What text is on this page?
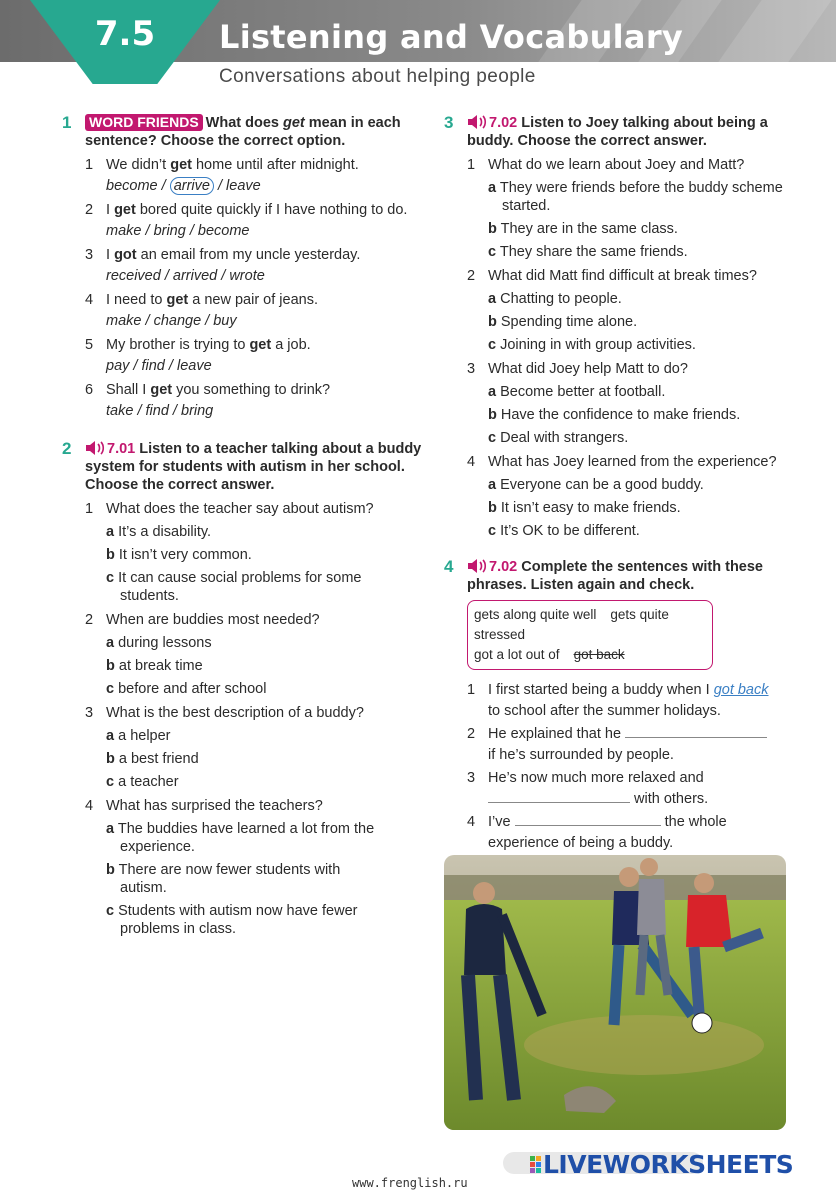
7.5	Listening and Vocabulary
Conversations about helping people
1 WORD FRIENDS What does get mean in each sentence? Choose the correct option.
1 We didn’t get home until after midnight.
become / arrive / leave
2 I get bored quite quickly if I have nothing to do.
make / bring / become
3 I got an email from my uncle yesterday.
received / arrived / wrote
4 I need to get a new pair of jeans.
make / change / buy
5 My brother is trying to get a job.
pay / find / leave
6 Shall I get you something to drink?
take / find / bring
2	7.01 Listen to a teacher talking about a buddy system for students with autism in her school. Choose the correct answer.
1 What does the teacher say about autism?
a It’s a disability.
b It isn’t very common.
c It can cause social problems for some students.
2 When are buddies most needed?
a during lessons
b at break time
c before and after school
3 What is the best description of a buddy?
a a helper
b a best friend
c a teacher
4 What has surprised the teachers?
a The buddies have learned a lot from the experience.
b There are now fewer students with autism.
c Students with autism now have fewer problems in class.
3	7.02 Listen to Joey talking about being a buddy. Choose the correct answer.
1 What do we learn about Joey and Matt?
a They were friends before the buddy scheme started.
b They are in the same class.
c They share the same friends.
2 What did Matt find difficult at break times?
a Chatting to people.
b Spending time alone.
c Joining in with group activities.
3 What did Joey help Matt to do?
a Become better at football.
b Have the confidence to make friends.
c Deal with strangers.
4 What has Joey learned from the experience?
a Everyone can be a good buddy.
b It isn’t easy to make friends.
c It’s OK to be different.
4	7.02 Complete the sentences with these phrases. Listen again and check.
gets along quite well gets quite stressed
got a lot out of got back
1 I first started being a buddy when I got back
to school after the summer holidays.
2 He explained that he
if he’s surrounded by people.
3 He’s now much more relaxed and
with others.
4 I’ve	the whole
experience of being a buddy.
www.frenglish.ru
LIVEWORKSHEETS
